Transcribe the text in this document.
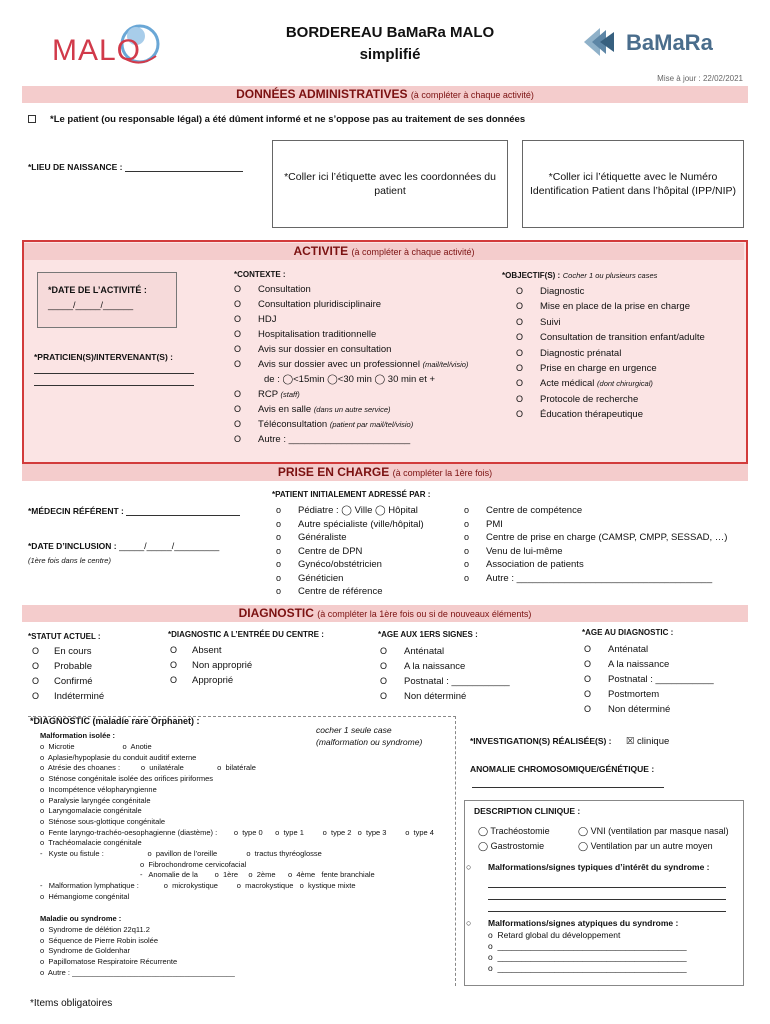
MALO
BORDEREAU BaMaRa MALO
simplifié	BaMaRa
Mise à jour : 22/02/2021
DONNÉES ADMINISTRATIVES (à compléter à chaque activité)
*Le patient (ou responsable légal) a été dûment informé et ne s’oppose pas au traitement de ses données
*LIEU DE NAISSANCE :
*Coller ici l’étiquette avec les coordonnées du patient
*Coller ici l’étiquette avec le Numéro Identification Patient dans l’hôpital (IPP/NIP)
ACTIVITE (à compléter à chaque activité)
*DATE DE L’ACTIVITÉ :
_____/_____/______
*PRATICIEN(S)/INTERVENANT(S) :
*CONTEXTE :
O Consultation
O Consultation pluridisciplinaire
O HDJ
O Hospitalisation traditionnelle
O Avis sur dossier en consultation
O Avis sur dossier avec un professionnel (mail/tel/visio)
de : ◯<15min ◯<30 min ◯ 30 min et +
O RCP (staff)
O Avis en salle (dans un autre service)
O Téléconsultation (patient par mail/tel/visio)
O Autre : _______________________
*OBJECTIF(S) : Cocher 1 ou plusieurs cases
O Diagnostic
O Mise en place de la prise en charge
O Suivi
O Consultation de transition enfant/adulte
O Diagnostic prénatal
O Prise en charge en urgence
O Acte médical (dont chirurgical)
O Protocole de recherche
O Éducation thérapeutique
PRISE EN CHARGE (à compléter la 1ère fois)
*MÉDECIN RÉFÉRENT :
*DATE D’INCLUSION : _____/_____/_________
(1ère fois dans le centre)
*PATIENT INITIALEMENT ADRESSÉ PAR :
o Pédiatre : ◯ Ville ◯ Hôpital
o Autre spécialiste (ville/hôpital)
o Généraliste
o Centre de DPN
o Gynéco/obstétricien
o Généticien
o Centre de référence
o Centre de compétence
o PMI
o Centre de prise en charge (CAMSP, CMPP, SESSAD, …)
o Venu de lui-même
o Association de patients
o Autre : _____________________________________
DIAGNOSTIC (à compléter la 1ère fois ou si de nouveaux éléments)
*STATUT ACTUEL :
O En cours
O Probable
O Confirmé
O Indéterminé
*DIAGNOSTIC A L’ENTRÉE DU CENTRE :
O Absent
O Non approprié
O Approprié
*AGE AUX 1ERS SIGNES :
O Anténatal
O A la naissance
O Postnatal : ___________
O Non déterminé
*AGE AU DIAGNOSTIC :
O Anténatal
O A la naissance
O Postnatal : ___________
O Postmortem
O Non déterminé
*DIAGNOSTIC (maladie rare Orphanet) :
cocher 1 seule case (malformation ou syndrome)
Malformation isolée :
o  Microtie                       o  Anotie
o  Aplasie/hypoplasie du conduit auditif externe
o  Atrésie des choanes :          o  unilatérale                o  bilatérale
o  Sténose congénitale isolée des orifices piriformes
o  Incompétence vélopharyngienne
o  Paralysie laryngée congénitale
o  Laryngomalacie congénitale
o  Sténose sous-glottique congénitale
o  Fente laryngo-trachéo-oesophagienne (diastème) :        o  type 0      o  type 1         o  type 2   o  type 3         o  type 4
o  Trachéomalacie congénitale
-   Kyste ou fistule :                     o  pavillon de l’oreille              o  tractus thyréoglosse
o  Fibrochondrome cervicofacial
-   Anomalie de la        o  1ère     o  2ème      o  4ème   fente branchiale
-   Malformation lymphatique :            o  microkystique         o  macrokystique   o  kystique mixte
o  Hémangiome congénital
Maladie ou syndrome :
o  Syndrome de délétion 22q11.2
o  Séquence de Pierre Robin isolée
o  Syndrome de Goldenhar
o  Papillomatose Respiratoire Récurrente
o  Autre : _______________________________________
*INVESTIGATION(S) RÉALISÉE(S) : ☒ clinique
ANOMALIE CHROMOSOMIQUE/GÉNÉTIQUE :
DESCRIPTION CLINIQUE :
◯ Trachéostomie	◯ VNI (ventilation par masque nasal)
◯ Gastrostomie	◯ Ventilation par un autre moyen
○ Malformations/signes typiques d’intérêt du syndrome :
○ Malformations/signes atypiques du syndrome :
o  Retard global du développement
o  ________________________________________
o  ________________________________________
o  ________________________________________
*Items obligatoires
